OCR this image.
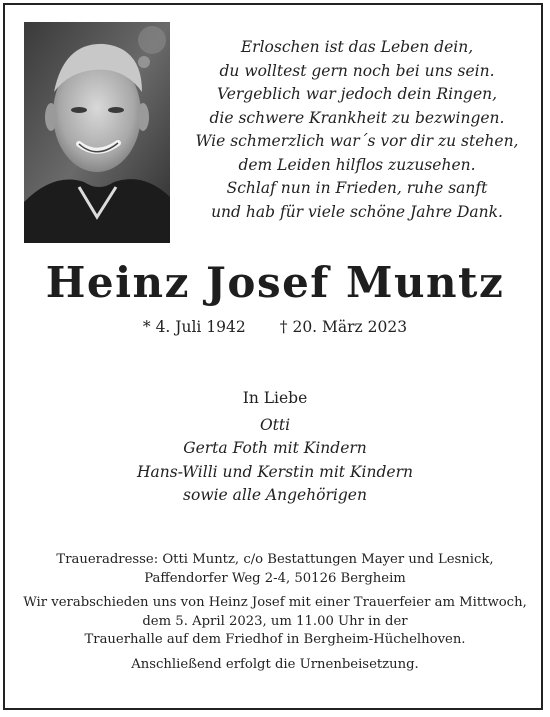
Erloschen ist das Leben dein,
du wolltest gern noch bei uns sein.
Vergeblich war jedoch dein Ringen,
die schwere Krankheit zu bezwingen.
Wie schmerzlich war´s vor dir zu stehen,
dem Leiden hilflos zuzusehen.
Schlaf nun in Frieden, ruhe sanft
und hab für viele schöne Jahre Dank.
Heinz Josef Muntz
* 4. Juli 1942 † 20. März 2023
In Liebe
Otti
Gerta Foth mit Kindern
Hans-Willi und Kerstin mit Kindern
sowie alle Angehörigen
Traueradresse: Otti Muntz, c/o Bestattungen Mayer und Lesnick,
Paffendorfer Weg 2-4, 50126 Bergheim
Wir verabschieden uns von Heinz Josef mit einer Trauerfeier am Mittwoch,
dem 5. April 2023, um 11.00 Uhr in der
Trauerhalle auf dem Friedhof in Bergheim-Hüchelhoven.
Anschließend erfolgt die Urnenbeisetzung.
